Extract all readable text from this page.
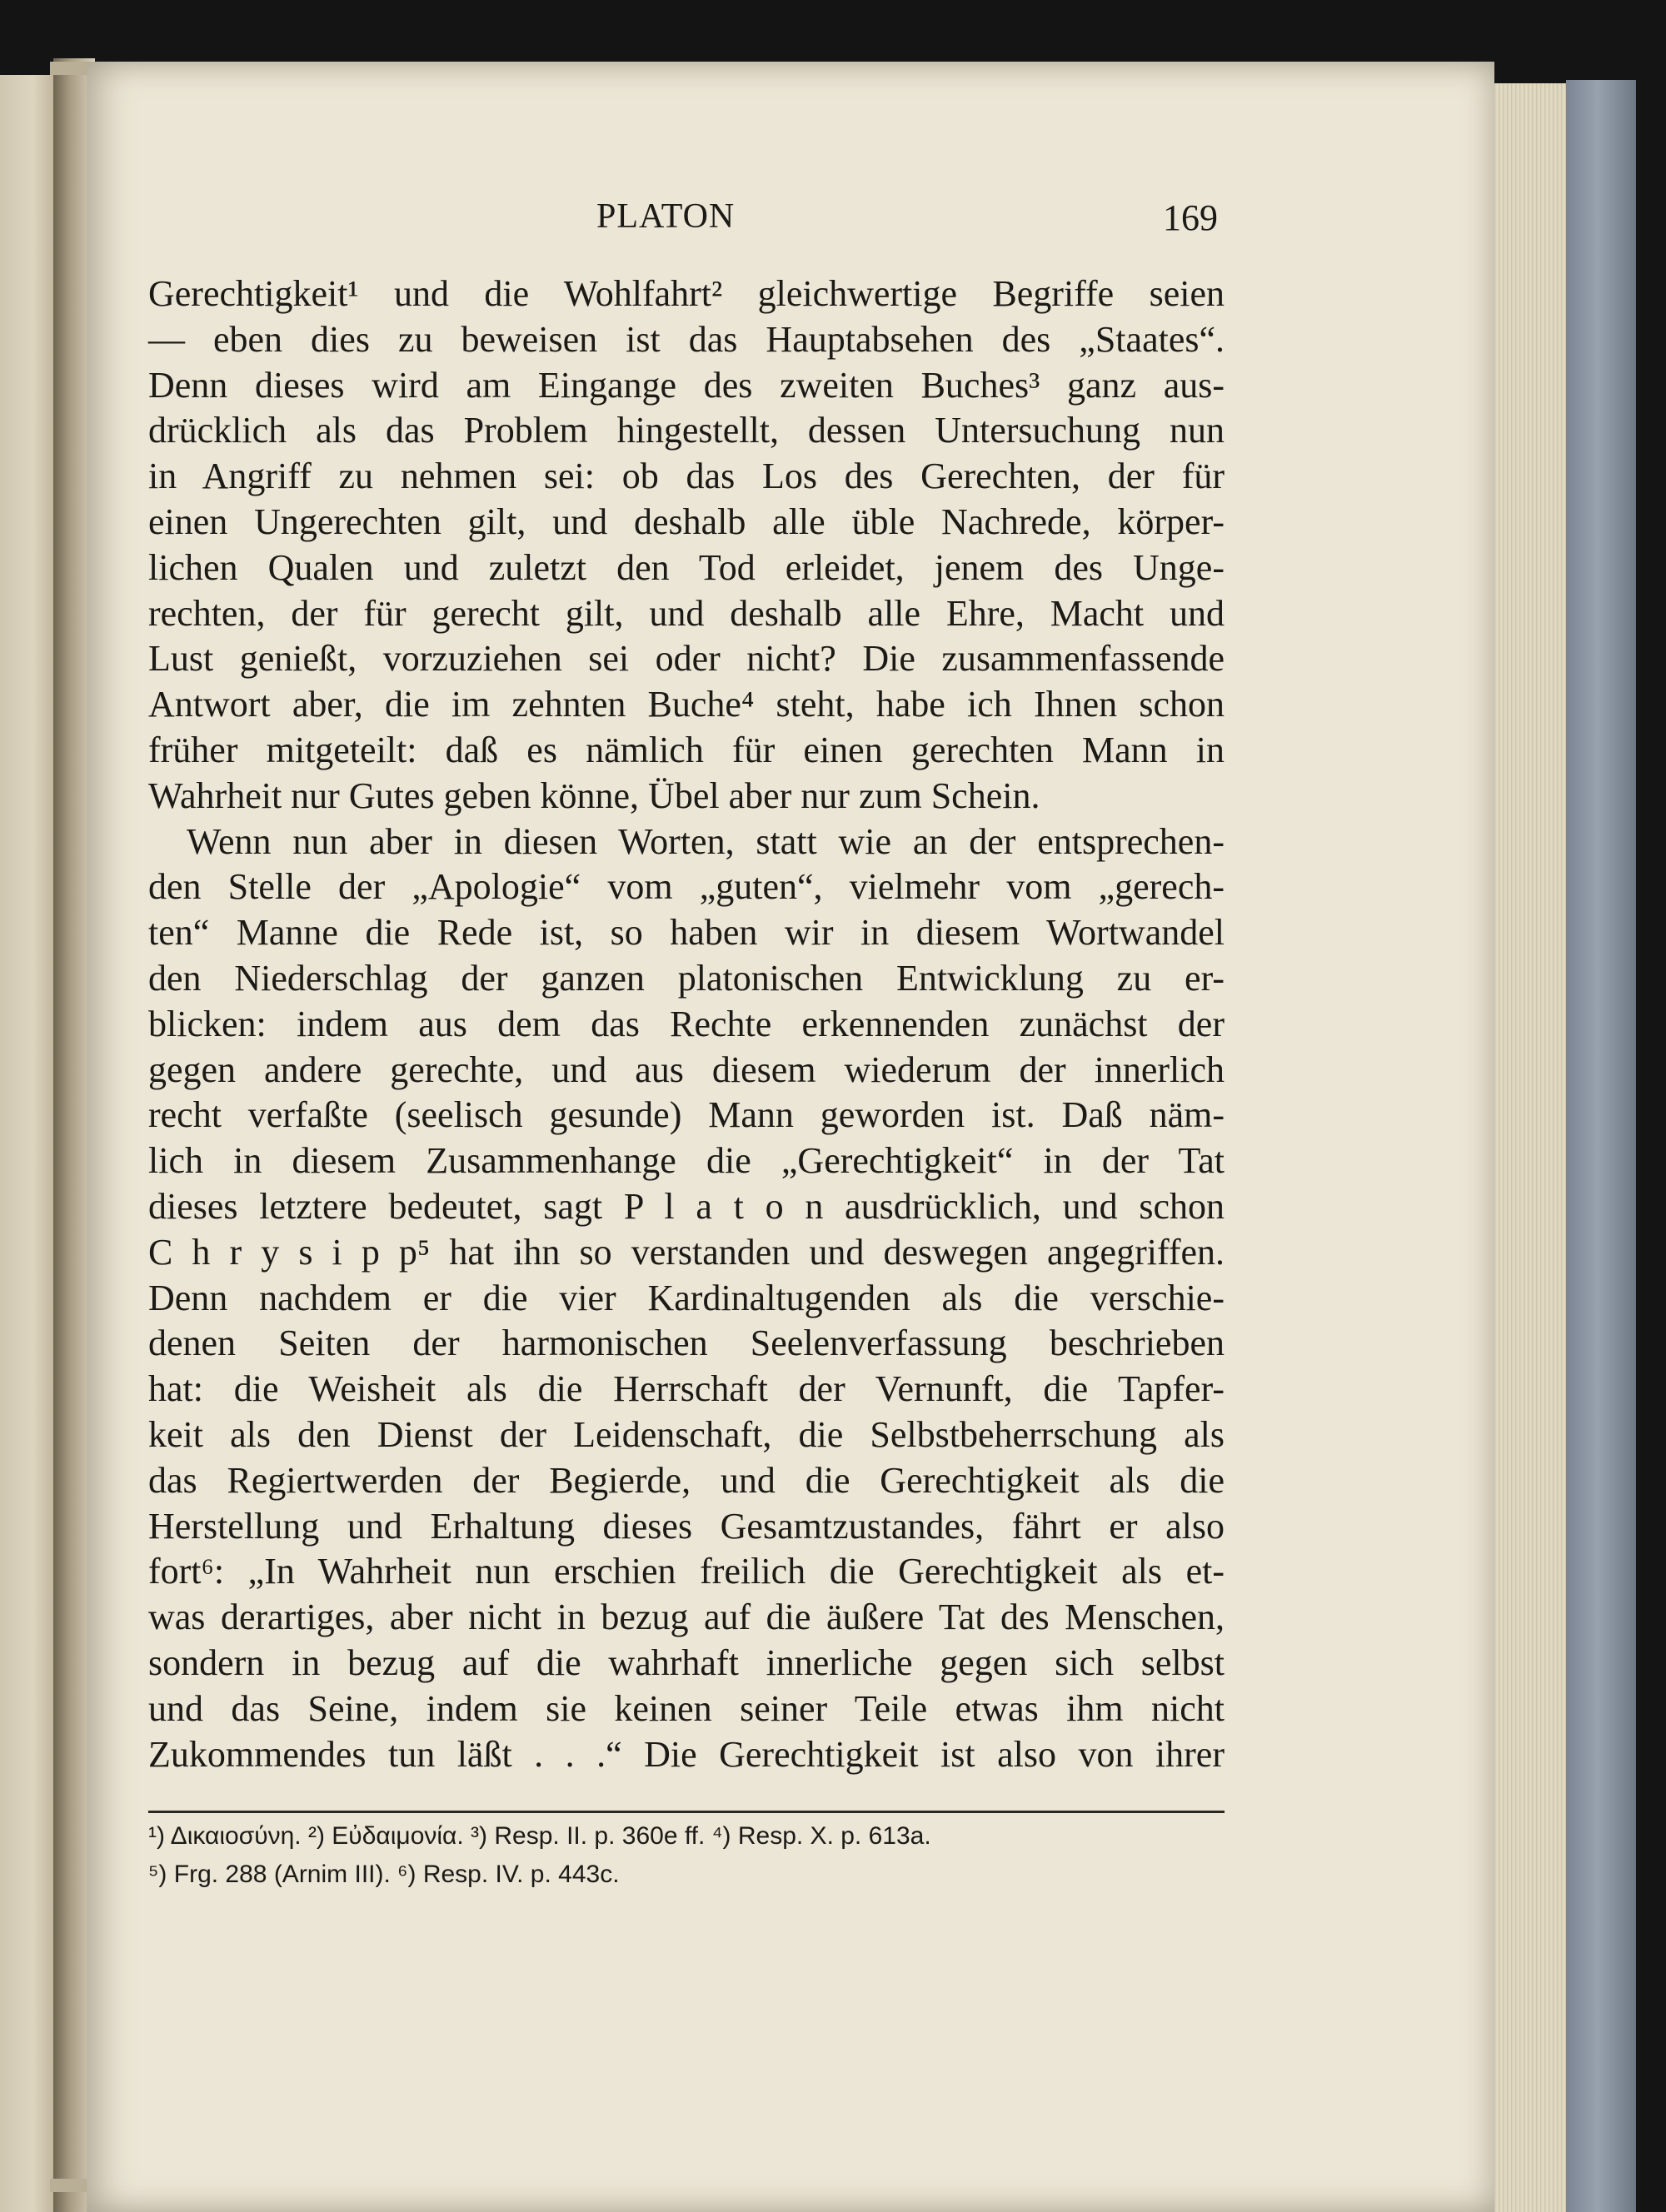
PLATON	169
Gerechtigkeit¹ und die Wohlfahrt² gleichwertige Begriffe seien
— eben dies zu beweisen ist das Hauptabsehen des „Staates“.
Denn dieses wird am Eingange des zweiten Buches³ ganz aus-
drücklich als das Problem hingestellt, dessen Untersuchung nun
in Angriff zu nehmen sei: ob das Los des Gerechten, der für
einen Ungerechten gilt, und deshalb alle üble Nachrede, körper-
lichen Qualen und zuletzt den Tod erleidet, jenem des Unge-
rechten, der für gerecht gilt, und deshalb alle Ehre, Macht und
Lust genießt, vorzuziehen sei oder nicht? Die zusammenfassende
Antwort aber, die im zehnten Buche⁴ steht, habe ich Ihnen schon
früher mitgeteilt: daß es nämlich für einen gerechten Mann in
Wahrheit nur Gutes geben könne, Übel aber nur zum Schein.
Wenn nun aber in diesen Worten, statt wie an der entsprechen-
den Stelle der „Apologie“ vom „guten“, vielmehr vom „gerech-
ten“ Manne die Rede ist, so haben wir in diesem Wortwandel
den Niederschlag der ganzen platonischen Entwicklung zu er-
blicken: indem aus dem das Rechte erkennenden zunächst der
gegen andere gerechte, und aus diesem wiederum der innerlich
recht verfaßte (seelisch gesunde) Mann geworden ist. Daß näm-
lich in diesem Zusammenhange die „Gerechtigkeit“ in der Tat
dieses letztere bedeutet, sagt P l a t o n ausdrücklich, und schon
C h r y s i p p⁵ hat ihn so verstanden und deswegen angegriffen.
Denn nachdem er die vier Kardinaltugenden als die verschie-
denen Seiten der harmonischen Seelenverfassung beschrieben
hat: die Weisheit als die Herrschaft der Vernunft, die Tapfer-
keit als den Dienst der Leidenschaft, die Selbstbeherrschung als
das Regiertwerden der Begierde, und die Gerechtigkeit als die
Herstellung und Erhaltung dieses Gesamtzustandes, fährt er also
fort⁶: „In Wahrheit nun erschien freilich die Gerechtigkeit als et-
was derartiges, aber nicht in bezug auf die äußere Tat des Menschen,
sondern in bezug auf die wahrhaft innerliche gegen sich selbst
und das Seine, indem sie keinen seiner Teile etwas ihm nicht
Zukommendes tun läßt . . .“ Die Gerechtigkeit ist also von ihrer
¹) Δικαιοσύνη. ²) Εὐδαιμονία. ³) Resp. II. p. 360e ff. ⁴) Resp. X. p. 613a.
⁵) Frg. 288 (Arnim III). ⁶) Resp. IV. p. 443c.
